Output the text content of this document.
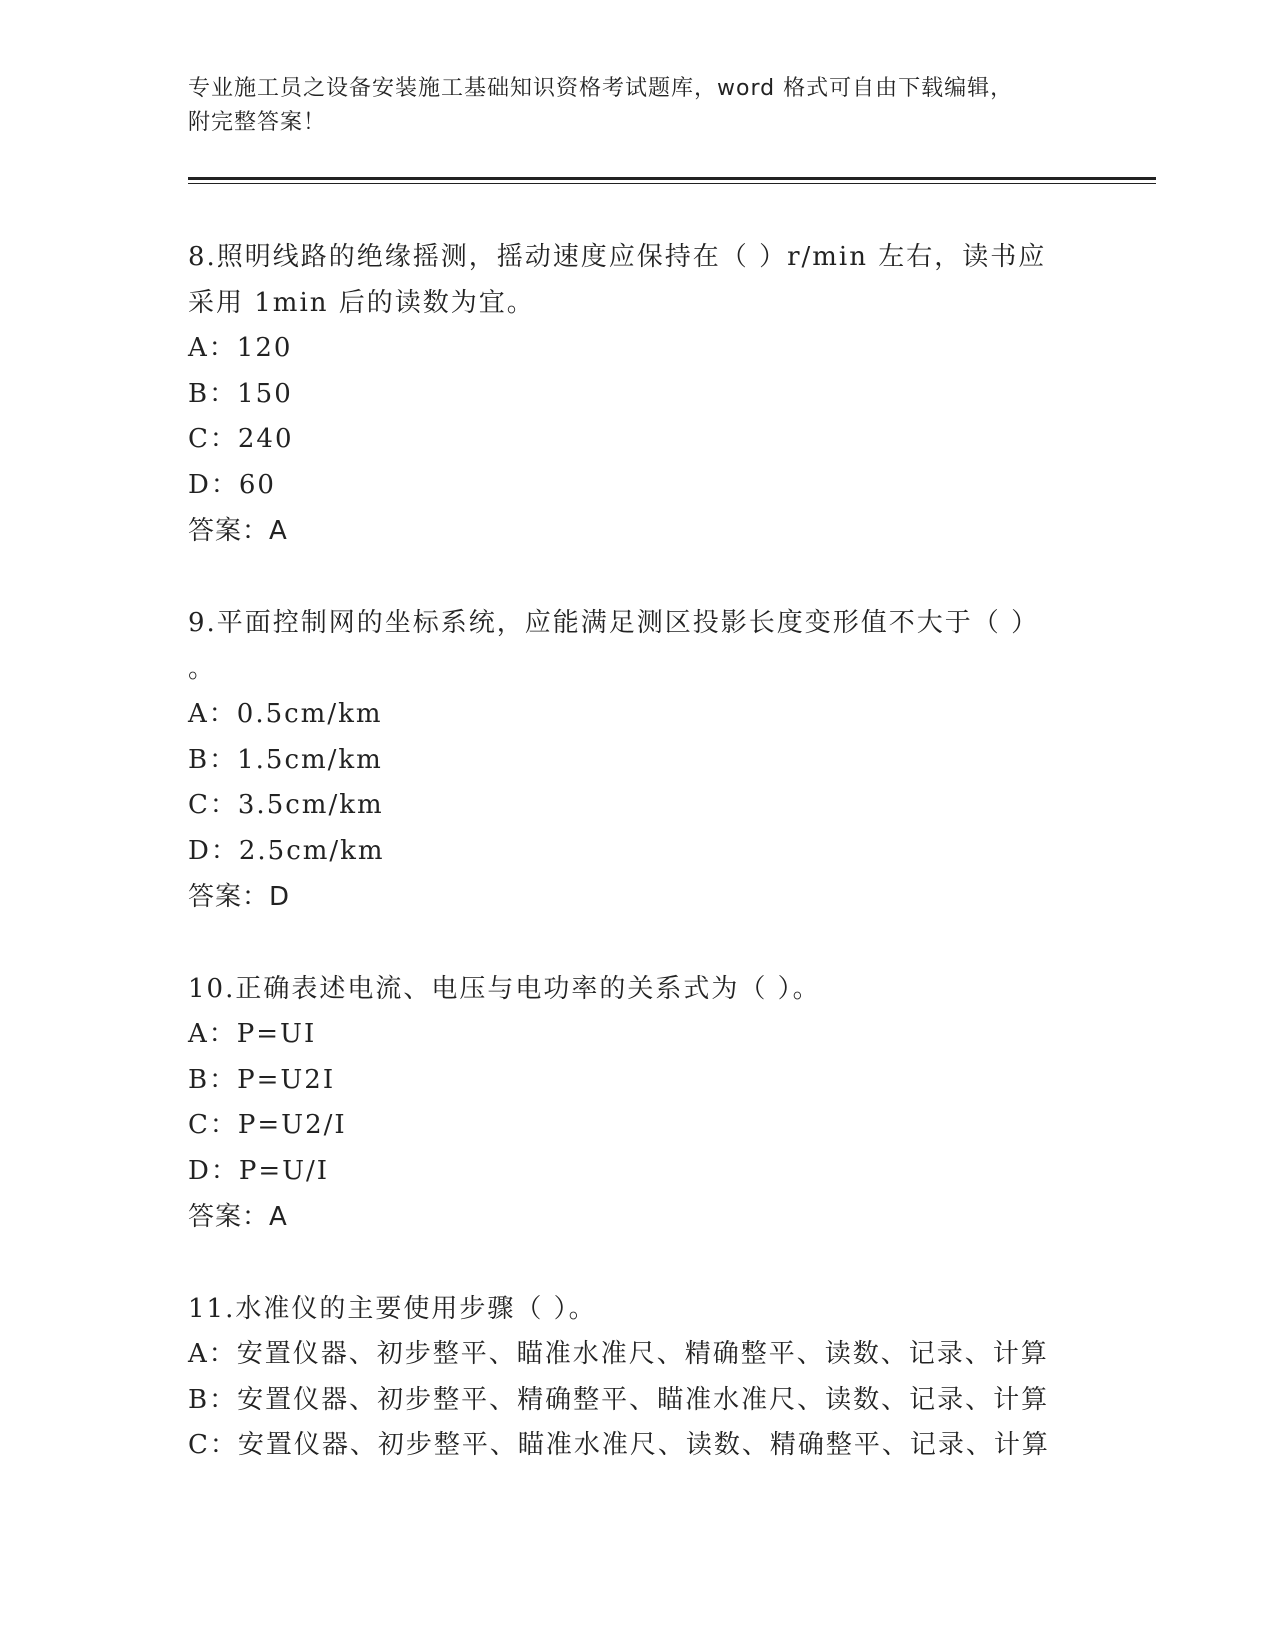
专业施工员之设备安装施工基础知识资格考试题库，word 格式可自由下载编辑，
附完整答案！

8.照明线路的绝缘摇测，摇动速度应保持在（ ）r/min 左右，读书应

采用 1min 后的读数为宜。

A：120

B：150

C：240

D：60

答案：A

9.平面控制网的坐标系统，应能满足测区投影长度变形值不大于（ ）

。

A：0.5cm/km

B：1.5cm/km

C：3.5cm/km

D：2.5cm/km

答案：D

10.正确表述电流、电压与电功率的关系式为（ ）。

A：P=UI

B：P=U2I

C：P=U2/I

D：P=U/I

答案：A

11.水准仪的主要使用步骤（ ）。

A：安置仪器、初步整平、瞄准水准尺、精确整平、读数、记录、计算

B：安置仪器、初步整平、精确整平、瞄准水准尺、读数、记录、计算

C：安置仪器、初步整平、瞄准水准尺、读数、精确整平、记录、计算
